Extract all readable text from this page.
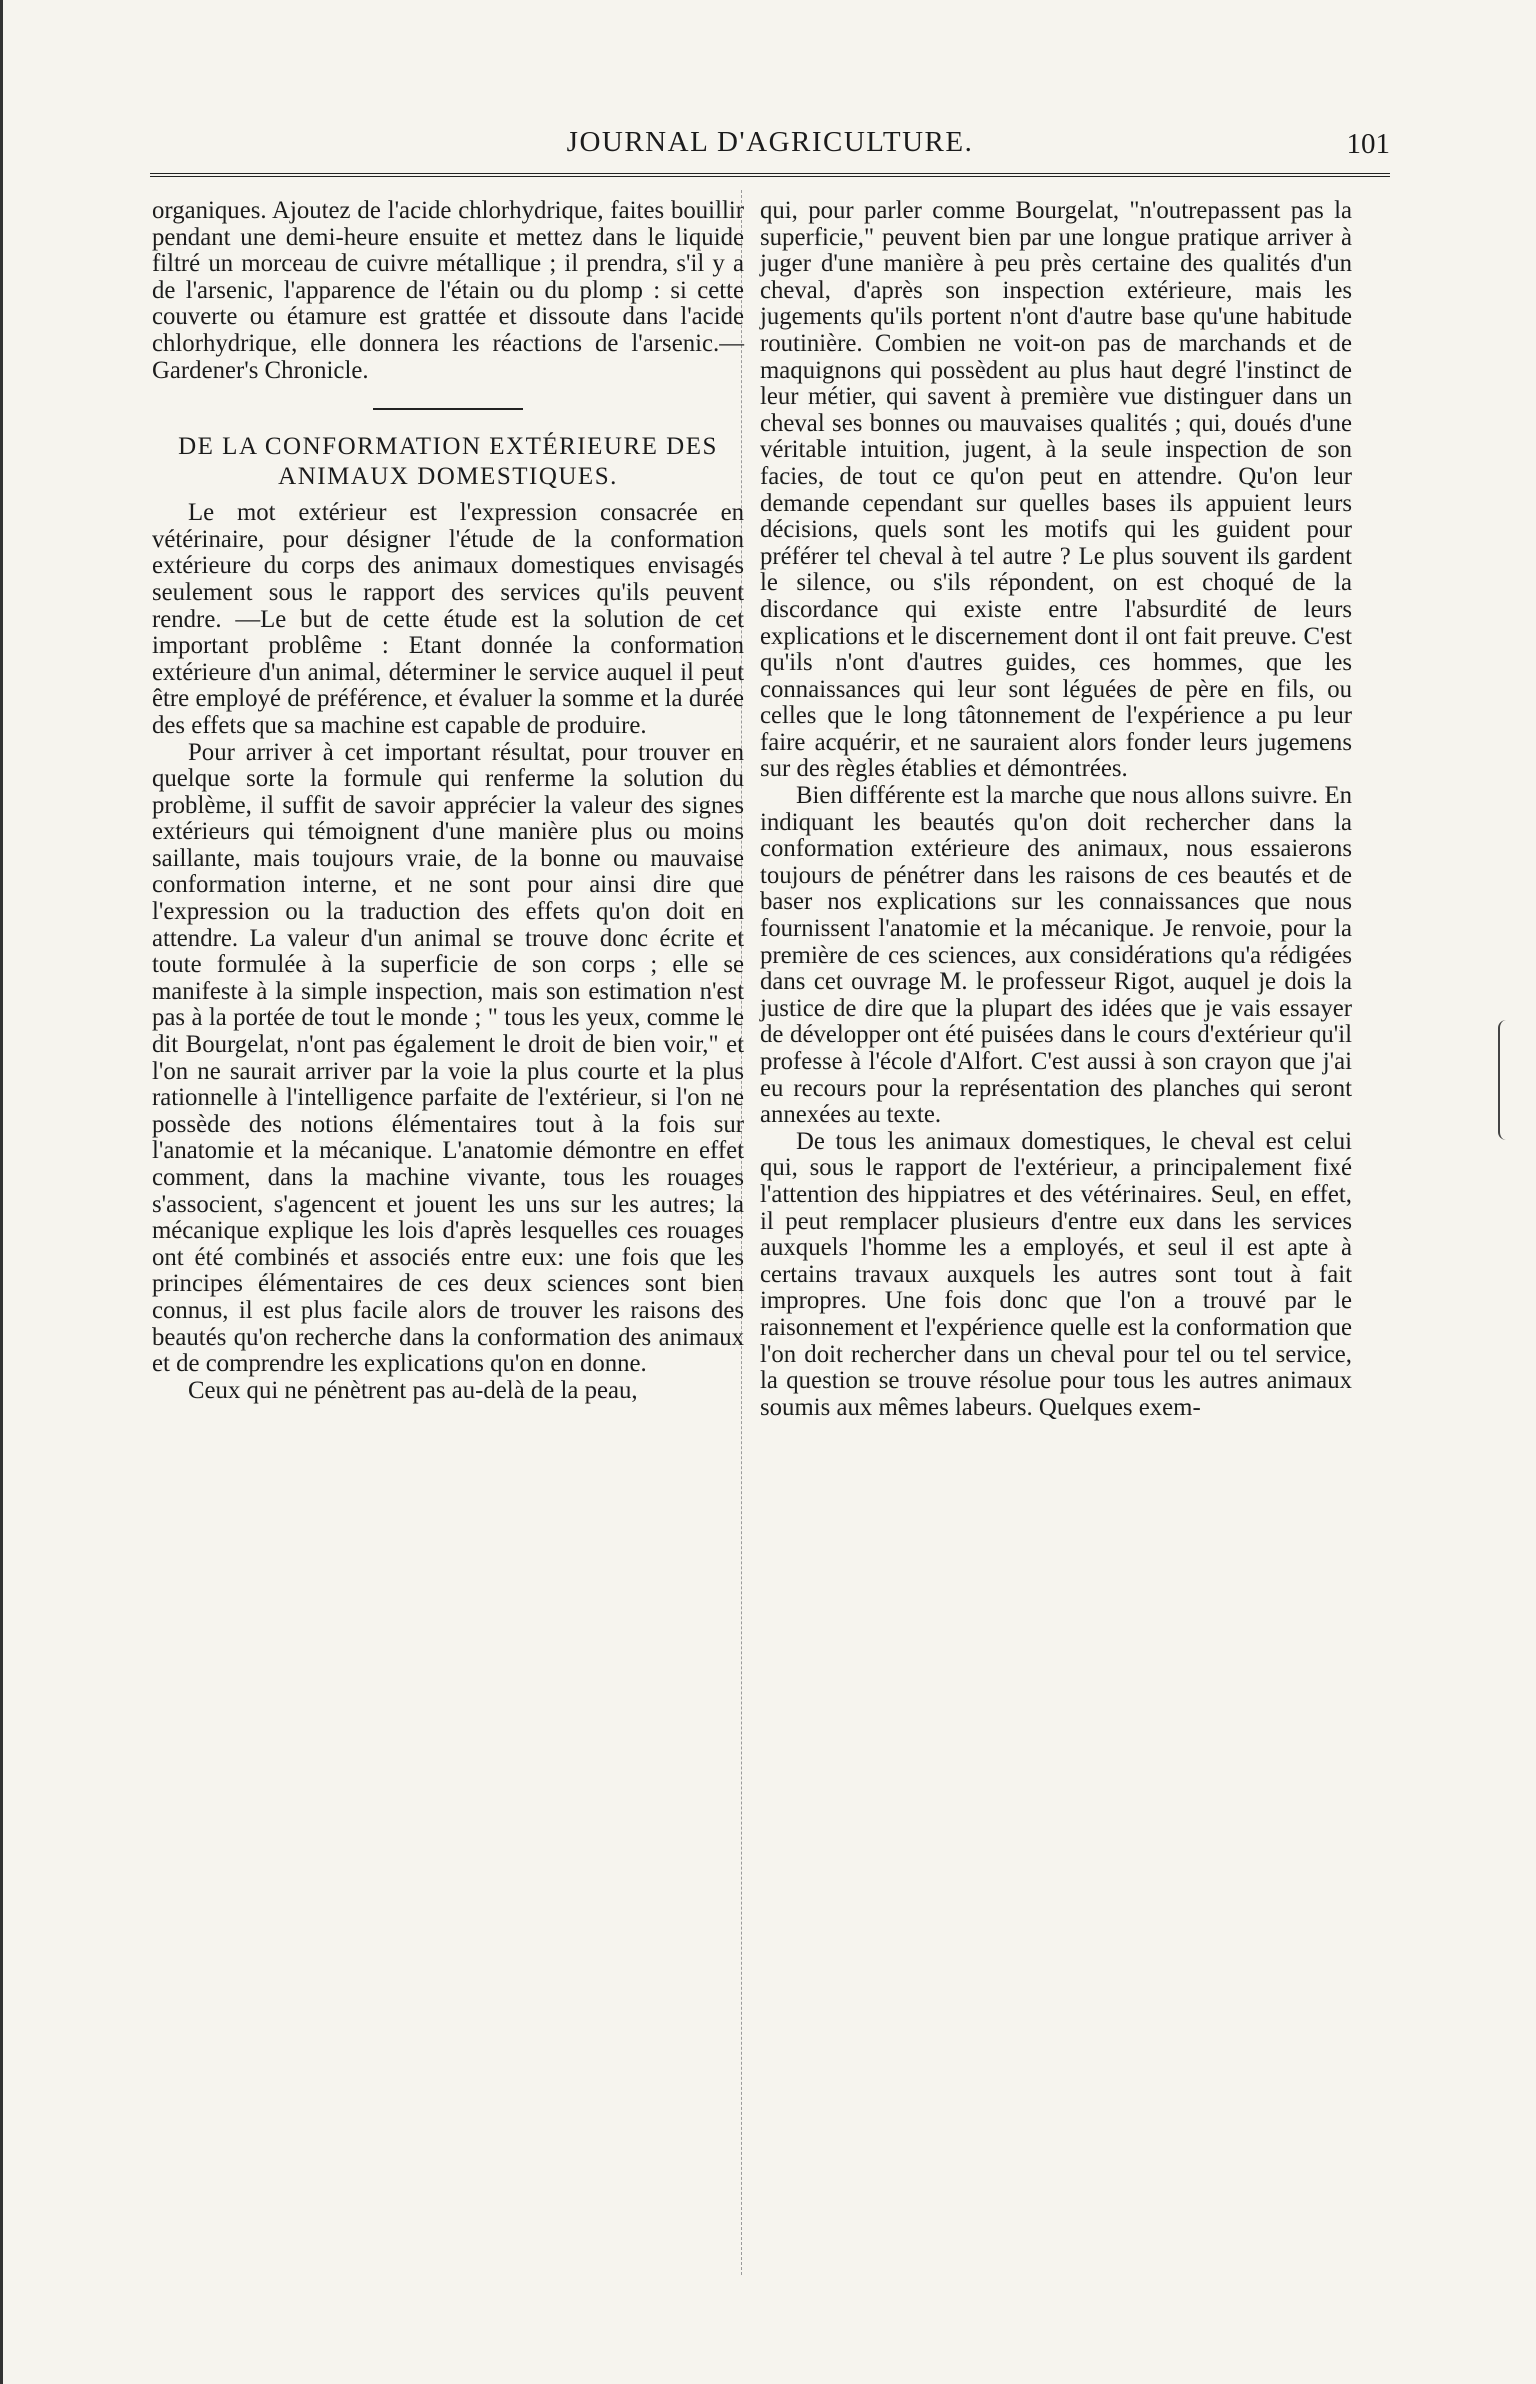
JOURNAL D'AGRICULTURE.	101

organiques. Ajoutez de l'acide chlorhydrique, faites bouillir pendant une demi-heure ensuite et mettez dans le liquide filtré un morceau de cuivre métallique ; il prendra, s'il y a de l'arsenic, l'apparence de l'étain ou du plomp : si cette couverte ou étamure est grattée et dissoute dans l'acide chlorhydrique, elle donnera les réactions de l'arsenic.—Gardener's Chronicle.

DE LA CONFORMATION EXTÉRIEURE DES ANIMAUX DOMESTIQUES.

Le mot extérieur est l'expression consacrée en vétérinaire, pour désigner l'étude de la conformation extérieure du corps des animaux domestiques envisagés seulement sous le rapport des services qu'ils peuvent rendre. —Le but de cette étude est la solution de cet important problême : Etant donnée la conformation extérieure d'un animal, déterminer le service auquel il peut être employé de préférence, et évaluer la somme et la durée des effets que sa machine est capable de produire.

Pour arriver à cet important résultat, pour trouver en quelque sorte la formule qui renferme la solution du problème, il suffit de savoir apprécier la valeur des signes extérieurs qui témoignent d'une manière plus ou moins saillante, mais toujours vraie, de la bonne ou mauvaise conformation interne, et ne sont pour ainsi dire que l'expression ou la traduction des effets qu'on doit en attendre. La valeur d'un animal se trouve donc écrite et toute formulée à la superficie de son corps ; elle se manifeste à la simple inspection, mais son estimation n'est pas à la portée de tout le monde ; " tous les yeux, comme le dit Bourgelat, n'ont pas également le droit de bien voir," et l'on ne saurait arriver par la voie la plus courte et la plus rationnelle à l'intelligence parfaite de l'extérieur, si l'on ne possède des notions élémentaires tout à la fois sur l'anatomie et la mécanique. L'anatomie démontre en effet comment, dans la machine vivante, tous les rouages s'associent, s'agencent et jouent les uns sur les autres; la mécanique explique les lois d'après lesquelles ces rouages ont été combinés et associés entre eux: une fois que les principes élémentaires de ces deux sciences sont bien connus, il est plus facile alors de trouver les raisons des beautés qu'on recherche dans la conformation des animaux et de comprendre les explications qu'on en donne.

Ceux qui ne pénètrent pas au-delà de la peau,

qui, pour parler comme Bourgelat, "n'outrepassent pas la superficie," peuvent bien par une longue pratique arriver à juger d'une manière à peu près certaine des qualités d'un cheval, d'après son inspection extérieure, mais les jugements qu'ils portent n'ont d'autre base qu'une habitude routinière. Combien ne voit-on pas de marchands et de maquignons qui possèdent au plus haut degré l'instinct de leur métier, qui savent à première vue distinguer dans un cheval ses bonnes ou mauvaises qualités ; qui, doués d'une véritable intuition, jugent, à la seule inspection de son facies, de tout ce qu'on peut en attendre. Qu'on leur demande cependant sur quelles bases ils appuient leurs décisions, quels sont les motifs qui les guident pour préférer tel cheval à tel autre ? Le plus souvent ils gardent le silence, ou s'ils répondent, on est choqué de la discordance qui existe entre l'absurdité de leurs explications et le discernement dont il ont fait preuve. C'est qu'ils n'ont d'autres guides, ces hommes, que les connaissances qui leur sont léguées de père en fils, ou celles que le long tâtonnement de l'expérience a pu leur faire acquérir, et ne sauraient alors fonder leurs jugemens sur des règles établies et démontrées.

Bien différente est la marche que nous allons suivre. En indiquant les beautés qu'on doit rechercher dans la conformation extérieure des animaux, nous essaierons toujours de pénétrer dans les raisons de ces beautés et de baser nos explications sur les connaissances que nous fournissent l'anatomie et la mécanique. Je renvoie, pour la première de ces sciences, aux considérations qu'a rédigées dans cet ouvrage M. le professeur Rigot, auquel je dois la justice de dire que la plupart des idées que je vais essayer de développer ont été puisées dans le cours d'extérieur qu'il professe à l'école d'Alfort. C'est aussi à son crayon que j'ai eu recours pour la représentation des planches qui seront annexées au texte.

De tous les animaux domestiques, le cheval est celui qui, sous le rapport de l'extérieur, a principalement fixé l'attention des hippiatres et des vétérinaires. Seul, en effet, il peut remplacer plusieurs d'entre eux dans les services auxquels l'homme les a employés, et seul il est apte à certains travaux auxquels les autres sont tout à fait impropres. Une fois donc que l'on a trouvé par le raisonnement et l'expérience quelle est la conformation que l'on doit rechercher dans un cheval pour tel ou tel service, la question se trouve résolue pour tous les autres animaux soumis aux mêmes labeurs. Quelques exem-
